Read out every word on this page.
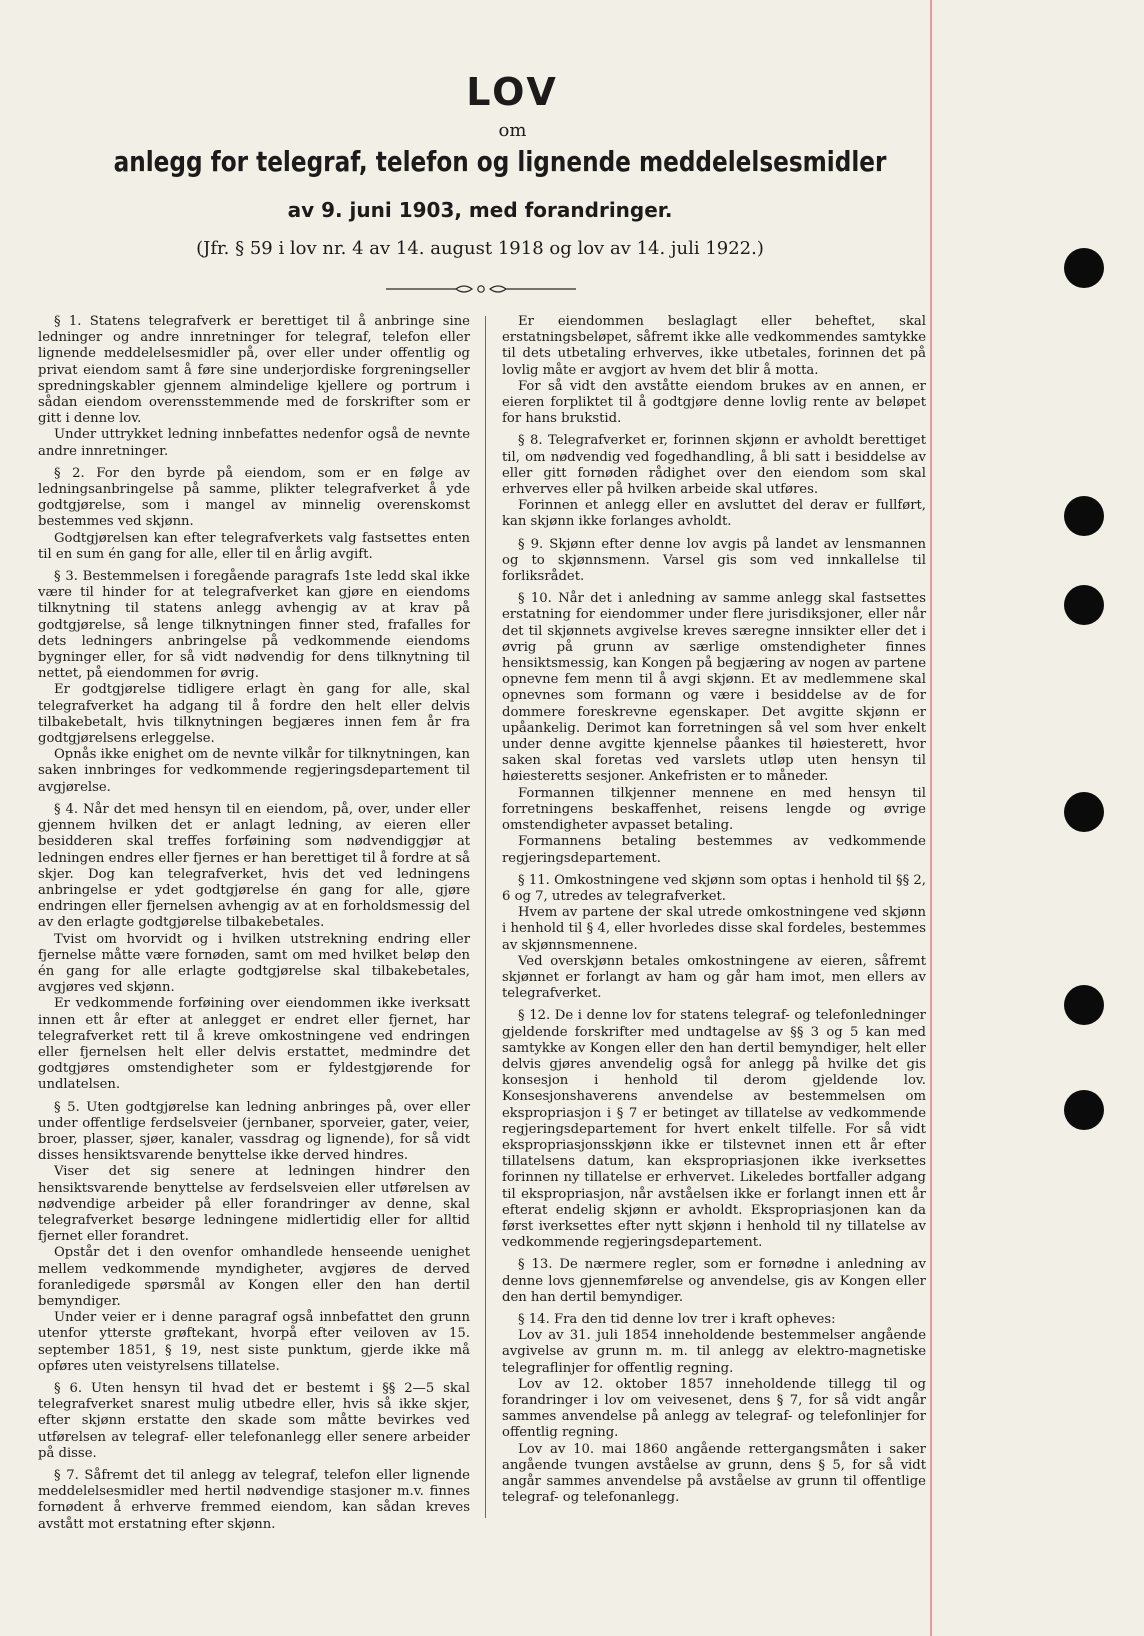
LOV
om
anlegg for telegraf, telefon og lignende meddelelsesmidler
av 9. juni 1903, med forandringer.
(Jfr. § 59 i lov nr. 4 av 14. august 1918 og lov av 14. juli 1922.)

§ 1. Statens telegrafverk er berettiget til å anbringe sine ledninger og andre innretninger for telegraf, telefon eller lignende meddelelsesmidler på, over eller under offentlig og privat eiendom samt å føre sine underjordiske forgreningseller spredningskabler gjennem almindelige kjellere og portrum i sådan eiendom overensstemmende med de forskrifter som er gitt i denne lov.

Under uttrykket ledning innbefattes nedenfor også de nevnte andre innretninger.

§ 2. For den byrde på eiendom, som er en følge av ledningsanbringelse på samme, plikter telegrafverket å yde godtgjørelse, som i mangel av minnelig overenskomst bestemmes ved skjønn.

Godtgjørelsen kan efter telegrafverkets valg fastsettes enten til en sum én gang for alle, eller til en årlig avgift.

§ 3. Bestemmelsen i foregående paragrafs 1ste ledd skal ikke være til hinder for at telegrafverket kan gjøre en eiendoms tilknytning til statens anlegg avhengig av at krav på godtgjørelse, så lenge tilknytningen finner sted, frafalles for dets ledningers anbringelse på vedkommende eiendoms bygninger eller, for så vidt nødvendig for dens tilknytning til nettet, på eiendommen for øvrig.

Er godtgjørelse tidligere erlagt èn gang for alle, skal telegrafverket ha adgang til å fordre den helt eller delvis tilbakebetalt, hvis tilknytningen begjæres innen fem år fra godtgjørelsens erleggelse.

Opnås ikke enighet om de nevnte vilkår for tilknytningen, kan saken innbringes for vedkommende regjeringsdepartement til avgjørelse.

§ 4. Når det med hensyn til en eiendom, på, over, under eller gjennem hvilken det er anlagt ledning, av eieren eller besidderen skal treffes forføining som nødvendiggjør at ledningen endres eller fjernes er han berettiget til å fordre at så skjer. Dog kan telegrafverket, hvis det ved ledningens anbringelse er ydet godtgjørelse én gang for alle, gjøre endringen eller fjernelsen avhengig av at en forholdsmessig del av den erlagte godtgjørelse tilbakebetales.

Tvist om hvorvidt og i hvilken utstrekning endring eller fjernelse måtte være fornøden, samt om med hvilket beløp den én gang for alle erlagte godtgjørelse skal tilbakebetales, avgjøres ved skjønn.

Er vedkommende forføining over eiendommen ikke iverksatt innen ett år efter at anlegget er endret eller fjernet, har telegrafverket rett til å kreve omkostningene ved endringen eller fjernelsen helt eller delvis erstattet, medmindre det godtgjøres omstendigheter som er fyldestgjørende for undlatelsen.

§ 5. Uten godtgjørelse kan ledning anbringes på, over eller under offentlige ferdselsveier (jernbaner, sporveier, gater, veier, broer, plasser, sjøer, kanaler, vassdrag og lignende), for så vidt disses hensiktsvarende benyttelse ikke derved hindres.

Viser det sig senere at ledningen hindrer den hensiktsvarende benyttelse av ferdselsveien eller utførelsen av nødvendige arbeider på eller forandringer av denne, skal telegrafverket besørge ledningene midlertidig eller for alltid fjernet eller forandret.

Opstår det i den ovenfor omhandlede henseende uenighet mellem vedkommende myndigheter, avgjøres de derved foranledigede spørsmål av Kongen eller den han dertil bemyndiger.

Under veier er i denne paragraf også innbefattet den grunn utenfor ytterste grøftekant, hvorpå efter veiloven av 15. september 1851, § 19, nest siste punktum, gjerde ikke må opføres uten veistyrelsens tillatelse.

§ 6. Uten hensyn til hvad det er bestemt i §§ 2—5 skal telegrafverket snarest mulig utbedre eller, hvis så ikke skjer, efter skjønn erstatte den skade som måtte bevirkes ved utførelsen av telegraf- eller telefonanlegg eller senere arbeider på disse.

§ 7. Såfremt det til anlegg av telegraf, telefon eller lignende meddelelsesmidler med hertil nødvendige stasjoner m.v. finnes fornødent å erhverve fremmed eiendom, kan sådan kreves avstått mot erstatning efter skjønn.

Er eiendommen beslaglagt eller beheftet, skal erstatningsbeløpet, såfremt ikke alle vedkommendes samtykke til dets utbetaling erhverves, ikke utbetales, forinnen det på lovlig måte er avgjort av hvem det blir å motta.

For så vidt den avståtte eiendom brukes av en annen, er eieren forpliktet til å godtgjøre denne lovlig rente av beløpet for hans brukstid.

§ 8. Telegrafverket er, forinnen skjønn er avholdt berettiget til, om nødvendig ved fogedhandling, å bli satt i besiddelse av eller gitt fornøden rådighet over den eiendom som skal erhverves eller på hvilken arbeide skal utføres.

Forinnen et anlegg eller en avsluttet del derav er fullført, kan skjønn ikke forlanges avholdt.

§ 9. Skjønn efter denne lov avgis på landet av lensmannen og to skjønnsmenn. Varsel gis som ved innkallelse til forliksrådet.

§ 10. Når det i anledning av samme anlegg skal fastsettes erstatning for eiendommer under flere jurisdiksjoner, eller når det til skjønnets avgivelse kreves særegne innsikter eller det i øvrig på grunn av særlige omstendigheter finnes hensiktsmessig, kan Kongen på begjæring av nogen av partene opnevne fem menn til å avgi skjønn. Et av medlemmene skal opnevnes som formann og være i besiddelse av de for dommere foreskrevne egenskaper. Det avgitte skjønn er upåankelig. Derimot kan forretningen så vel som hver enkelt under denne avgitte kjennelse påankes til høiesterett, hvor saken skal foretas ved varslets utløp uten hensyn til høiesteretts sesjoner. Ankefristen er to måneder.

Formannen tilkjenner mennene en med hensyn til forretningens beskaffenhet, reisens lengde og øvrige omstendigheter avpasset betaling.

Formannens betaling bestemmes av vedkommende regjeringsdepartement.

§ 11. Omkostningene ved skjønn som optas i henhold til §§ 2, 6 og 7, utredes av telegrafverket.

Hvem av partene der skal utrede omkostningene ved skjønn i henhold til § 4, eller hvorledes disse skal fordeles, bestemmes av skjønnsmennene.

Ved overskjønn betales omkostningene av eieren, såfremt skjønnet er forlangt av ham og går ham imot, men ellers av telegrafverket.

§ 12. De i denne lov for statens telegraf- og telefonledninger gjeldende forskrifter med undtagelse av §§ 3 og 5 kan med samtykke av Kongen eller den han dertil bemyndiger, helt eller delvis gjøres anvendelig også for anlegg på hvilke det gis konsesjon i henhold til derom gjeldende lov. Konsesjonshaverens anvendelse av bestemmelsen om ekspropriasjon i § 7 er betinget av tillatelse av vedkommende regjeringsdepartement for hvert enkelt tilfelle. For så vidt ekspropriasjonsskjønn ikke er tilstevnet innen ett år efter tillatelsens datum, kan ekspropriasjonen ikke iverksettes forinnen ny tillatelse er erhvervet. Likeledes bortfaller adgang til ekspropriasjon, når avståelsen ikke er forlangt innen ett år efterat endelig skjønn er avholdt. Ekspropriasjonen kan da først iverksettes efter nytt skjønn i henhold til ny tillatelse av vedkommende regjeringsdepartement.

§ 13. De nærmere regler, som er fornødne i anledning av denne lovs gjennemførelse og anvendelse, gis av Kongen eller den han dertil bemyndiger.

§ 14. Fra den tid denne lov trer i kraft opheves:

Lov av 31. juli 1854 inneholdende bestemmelser angående avgivelse av grunn m. m. til anlegg av elektro-magnetiske telegraflinjer for offentlig regning.

Lov av 12. oktober 1857 inneholdende tillegg til og forandringer i lov om veivesenet, dens § 7, for så vidt angår sammes anvendelse på anlegg av telegraf- og telefonlinjer for offentlig regning.

Lov av 10. mai 1860 angående rettergangsmåten i saker angående tvungen avståelse av grunn, dens § 5, for så vidt angår sammes anvendelse på avståelse av grunn til offentlige telegraf- og telefonanlegg.
